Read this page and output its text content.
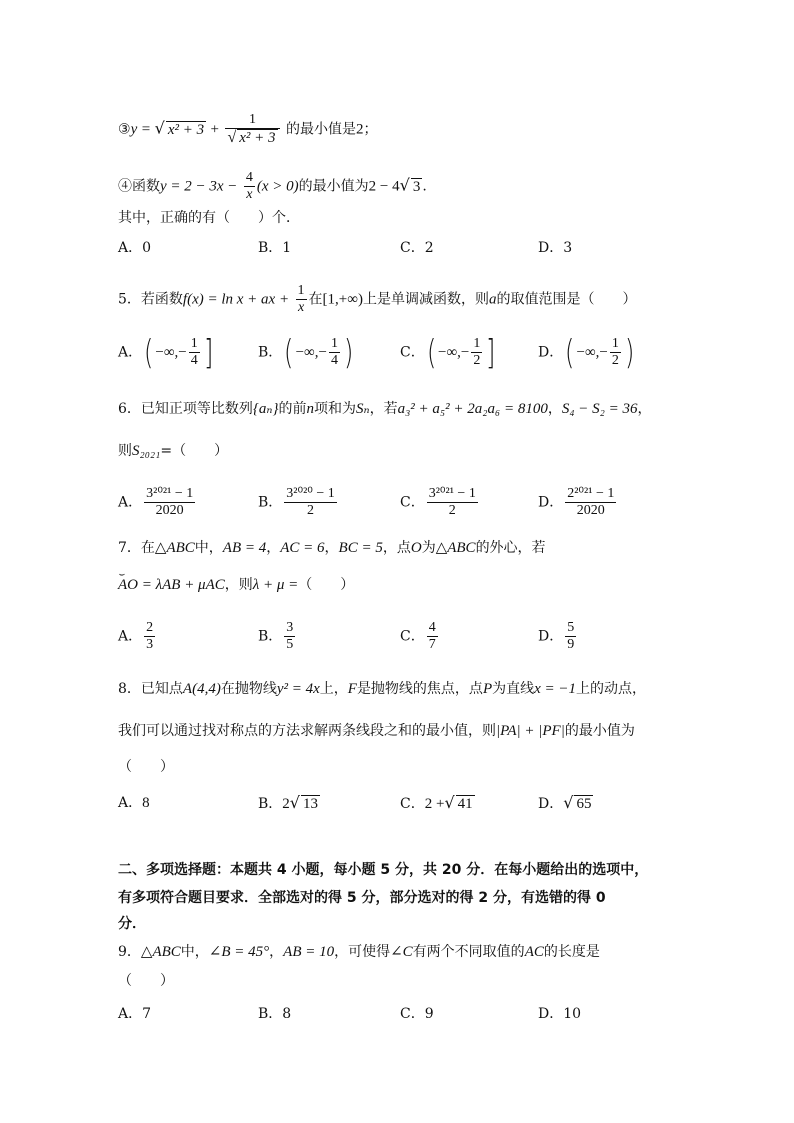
③y = √ $x^2 + 3 + \frac{1}{\text{√ x² + 3}}$ 的最小值是2；
④函数$y = 2 - 3x - \frac{4}{x} (x > 0)$的最小值为2 − 4√ 3 .
其中，正确的有（　　）个．
A．0	B．1	C．2	D．3
5．若函数f(x) = ln x + ax + $\frac{1}{x}$ 在[1,+∞)上是单调减函数，则a的取值范围是（　　）
A．( −∞,− $\frac{1}{4}$ ]	B．( −∞,− $\frac{1}{4}$ )	C．( −∞,− $\frac{1}{2}$ ]	D．( −∞,− $\frac{1}{2}$ )
6．已知正项等比数列{aₙ}的前n项和为Sₙ，若a₃² + a₅² + 2a₂a₆ = 8100，S₄ − S₂ = 36，
则S₂₀₂₁=（　　）
A． $\frac{\text{3²⁰²¹ − 1}}{2020}$	B． $\frac{\text{3²⁰²⁰ − 1}}{2}$	C． $\frac{\text{3²⁰²¹ − 1}}{2}$	D． $\frac{\text{2²⁰²¹ − 1}}{2020}$
7．在△ABC中，AB = 4，AC = 6，BC = 5，点O为△ABC的外心，若
⌣ AO = λAB + μAC，则λ + μ =（　　）
A． $\frac{2}{3}$	B． $\frac{3}{5}$	C． $\frac{4}{7}$	D． $\frac{5}{9}$
8．已知点A(4,4)在抛物线y² = 4x上，F是抛物线的焦点，点P为直线x = −1上的动点，
我们可以通过找对称点的方法求解两条线段之和的最小值，则|PA| + |PF|的最小值为
（　　）
A．8	B．2√ 13	C．2 +√ 41	D．√ 65
二、多项选择题：本题共 4 小题，每小题 5 分，共 20 分．在每小题给出的选项中，
有多项符合题目要求．全部选对的得 5 分，部分选对的得 2 分，有选错的得 0
分．
9．△ABC中，∠B = 45°，AB = 10，可使得∠C有两个不同取值的AC的长度是
（　　）
A．7	B．8	C．9	D．10
